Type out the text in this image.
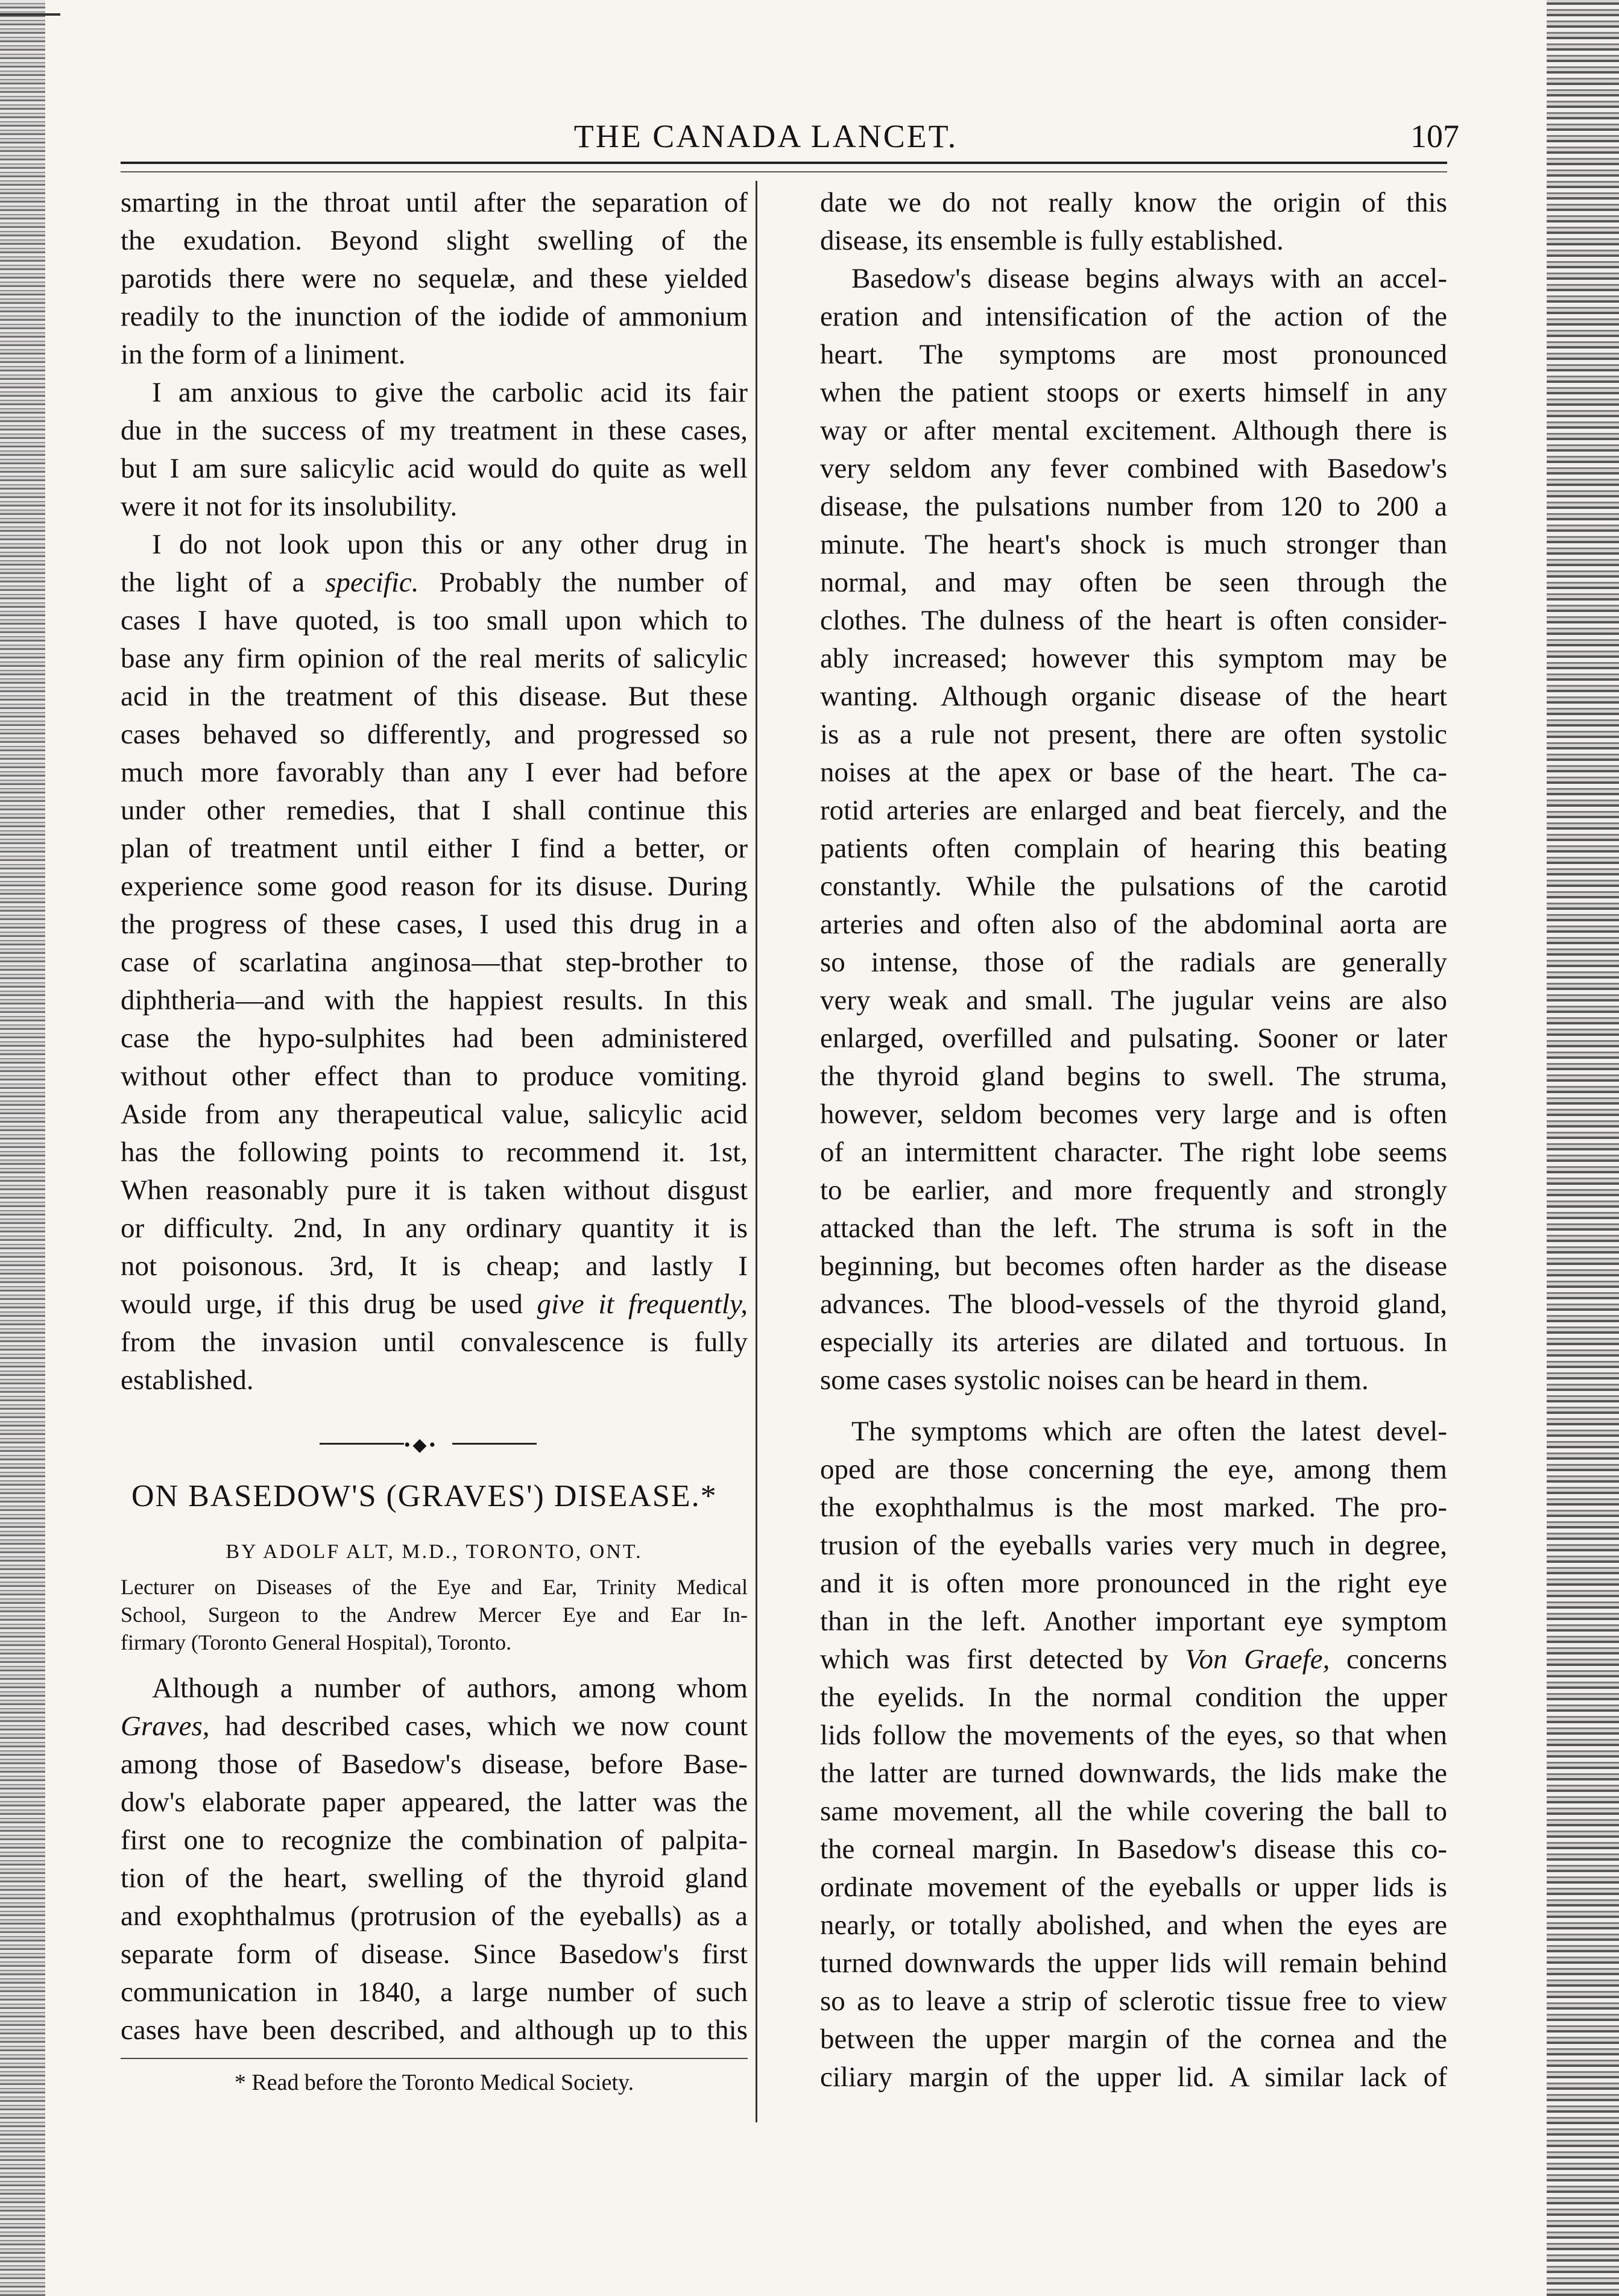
THE CANADA LANCET.	107
smarting in the throat until after the separation of
the exudation. Beyond slight swelling of the
parotids there were no sequelæ, and these yielded
readily to the inunction of the iodide of ammonium
in the form of a liniment.
I am anxious to give the carbolic acid its fair
due in the success of my treatment in these cases,
but I am sure salicylic acid would do quite as well
were it not for its insolubility.
I do not look upon this or any other drug in
the light of a specific. Probably the number of
cases I have quoted, is too small upon which to
base any firm opinion of the real merits of salicylic
acid in the treatment of this disease. But these
cases behaved so differently, and progressed so
much more favorably than any I ever had before
under other remedies, that I shall continue this
plan of treatment until either I find a better, or
experience some good reason for its disuse. During
the progress of these cases, I used this drug in a
case of scarlatina anginosa—that step-brother to
diphtheria—and with the happiest results. In this
case the hypo-sulphites had been administered
without other effect than to produce vomiting.
Aside from any therapeutical value, salicylic acid
has the following points to recommend it. 1st,
When reasonably pure it is taken without disgust
or difficulty. 2nd, In any ordinary quantity it is
not poisonous. 3rd, It is cheap; and lastly I
would urge, if this drug be used give it frequently,
from the invasion until convalescence is fully
established.
•◆•
ON BASEDOW'S (GRAVES') DISEASE.*
BY ADOLF ALT, M.D., TORONTO, ONT.
Lecturer on Diseases of the Eye and Ear, Trinity Medical
School, Surgeon to the Andrew Mercer Eye and Ear In-
firmary (Toronto General Hospital), Toronto.
Although a number of authors, among whom
Graves, had described cases, which we now count
among those of Basedow's disease, before Base-
dow's elaborate paper appeared, the latter was the
first one to recognize the combination of palpita-
tion of the heart, swelling of the thyroid gland
and exophthalmus (protrusion of the eyeballs) as a
separate form of disease. Since Basedow's first
communication in 1840, a large number of such
cases have been described, and although up to this
* Read before the Toronto Medical Society.
date we do not really know the origin of this
disease, its ensemble is fully established.
Basedow's disease begins always with an accel-
eration and intensification of the action of the
heart. The symptoms are most pronounced
when the patient stoops or exerts himself in any
way or after mental excitement. Although there is
very seldom any fever combined with Basedow's
disease, the pulsations number from 120 to 200 a
minute. The heart's shock is much stronger than
normal, and may often be seen through the
clothes. The dulness of the heart is often consider-
ably increased; however this symptom may be
wanting. Although organic disease of the heart
is as a rule not present, there are often systolic
noises at the apex or base of the heart. The ca-
rotid arteries are enlarged and beat fiercely, and the
patients often complain of hearing this beating
constantly. While the pulsations of the carotid
arteries and often also of the abdominal aorta are
so intense, those of the radials are generally
very weak and small. The jugular veins are also
enlarged, overfilled and pulsating. Sooner or later
the thyroid gland begins to swell. The struma,
however, seldom becomes very large and is often
of an intermittent character. The right lobe seems
to be earlier, and more frequently and strongly
attacked than the left. The struma is soft in the
beginning, but becomes often harder as the disease
advances. The blood-vessels of the thyroid gland,
especially its arteries are dilated and tortuous. In
some cases systolic noises can be heard in them.
The symptoms which are often the latest devel-
oped are those concerning the eye, among them
the exophthalmus is the most marked. The pro-
trusion of the eyeballs varies very much in degree,
and it is often more pronounced in the right eye
than in the left. Another important eye symptom
which was first detected by Von Graefe, concerns
the eyelids. In the normal condition the upper
lids follow the movements of the eyes, so that when
the latter are turned downwards, the lids make the
same movement, all the while covering the ball to
the corneal margin. In Basedow's disease this co-
ordinate movement of the eyeballs or upper lids is
nearly, or totally abolished, and when the eyes are
turned downwards the upper lids will remain behind
so as to leave a strip of sclerotic tissue free to view
between the upper margin of the cornea and the
ciliary margin of the upper lid. A similar lack of
